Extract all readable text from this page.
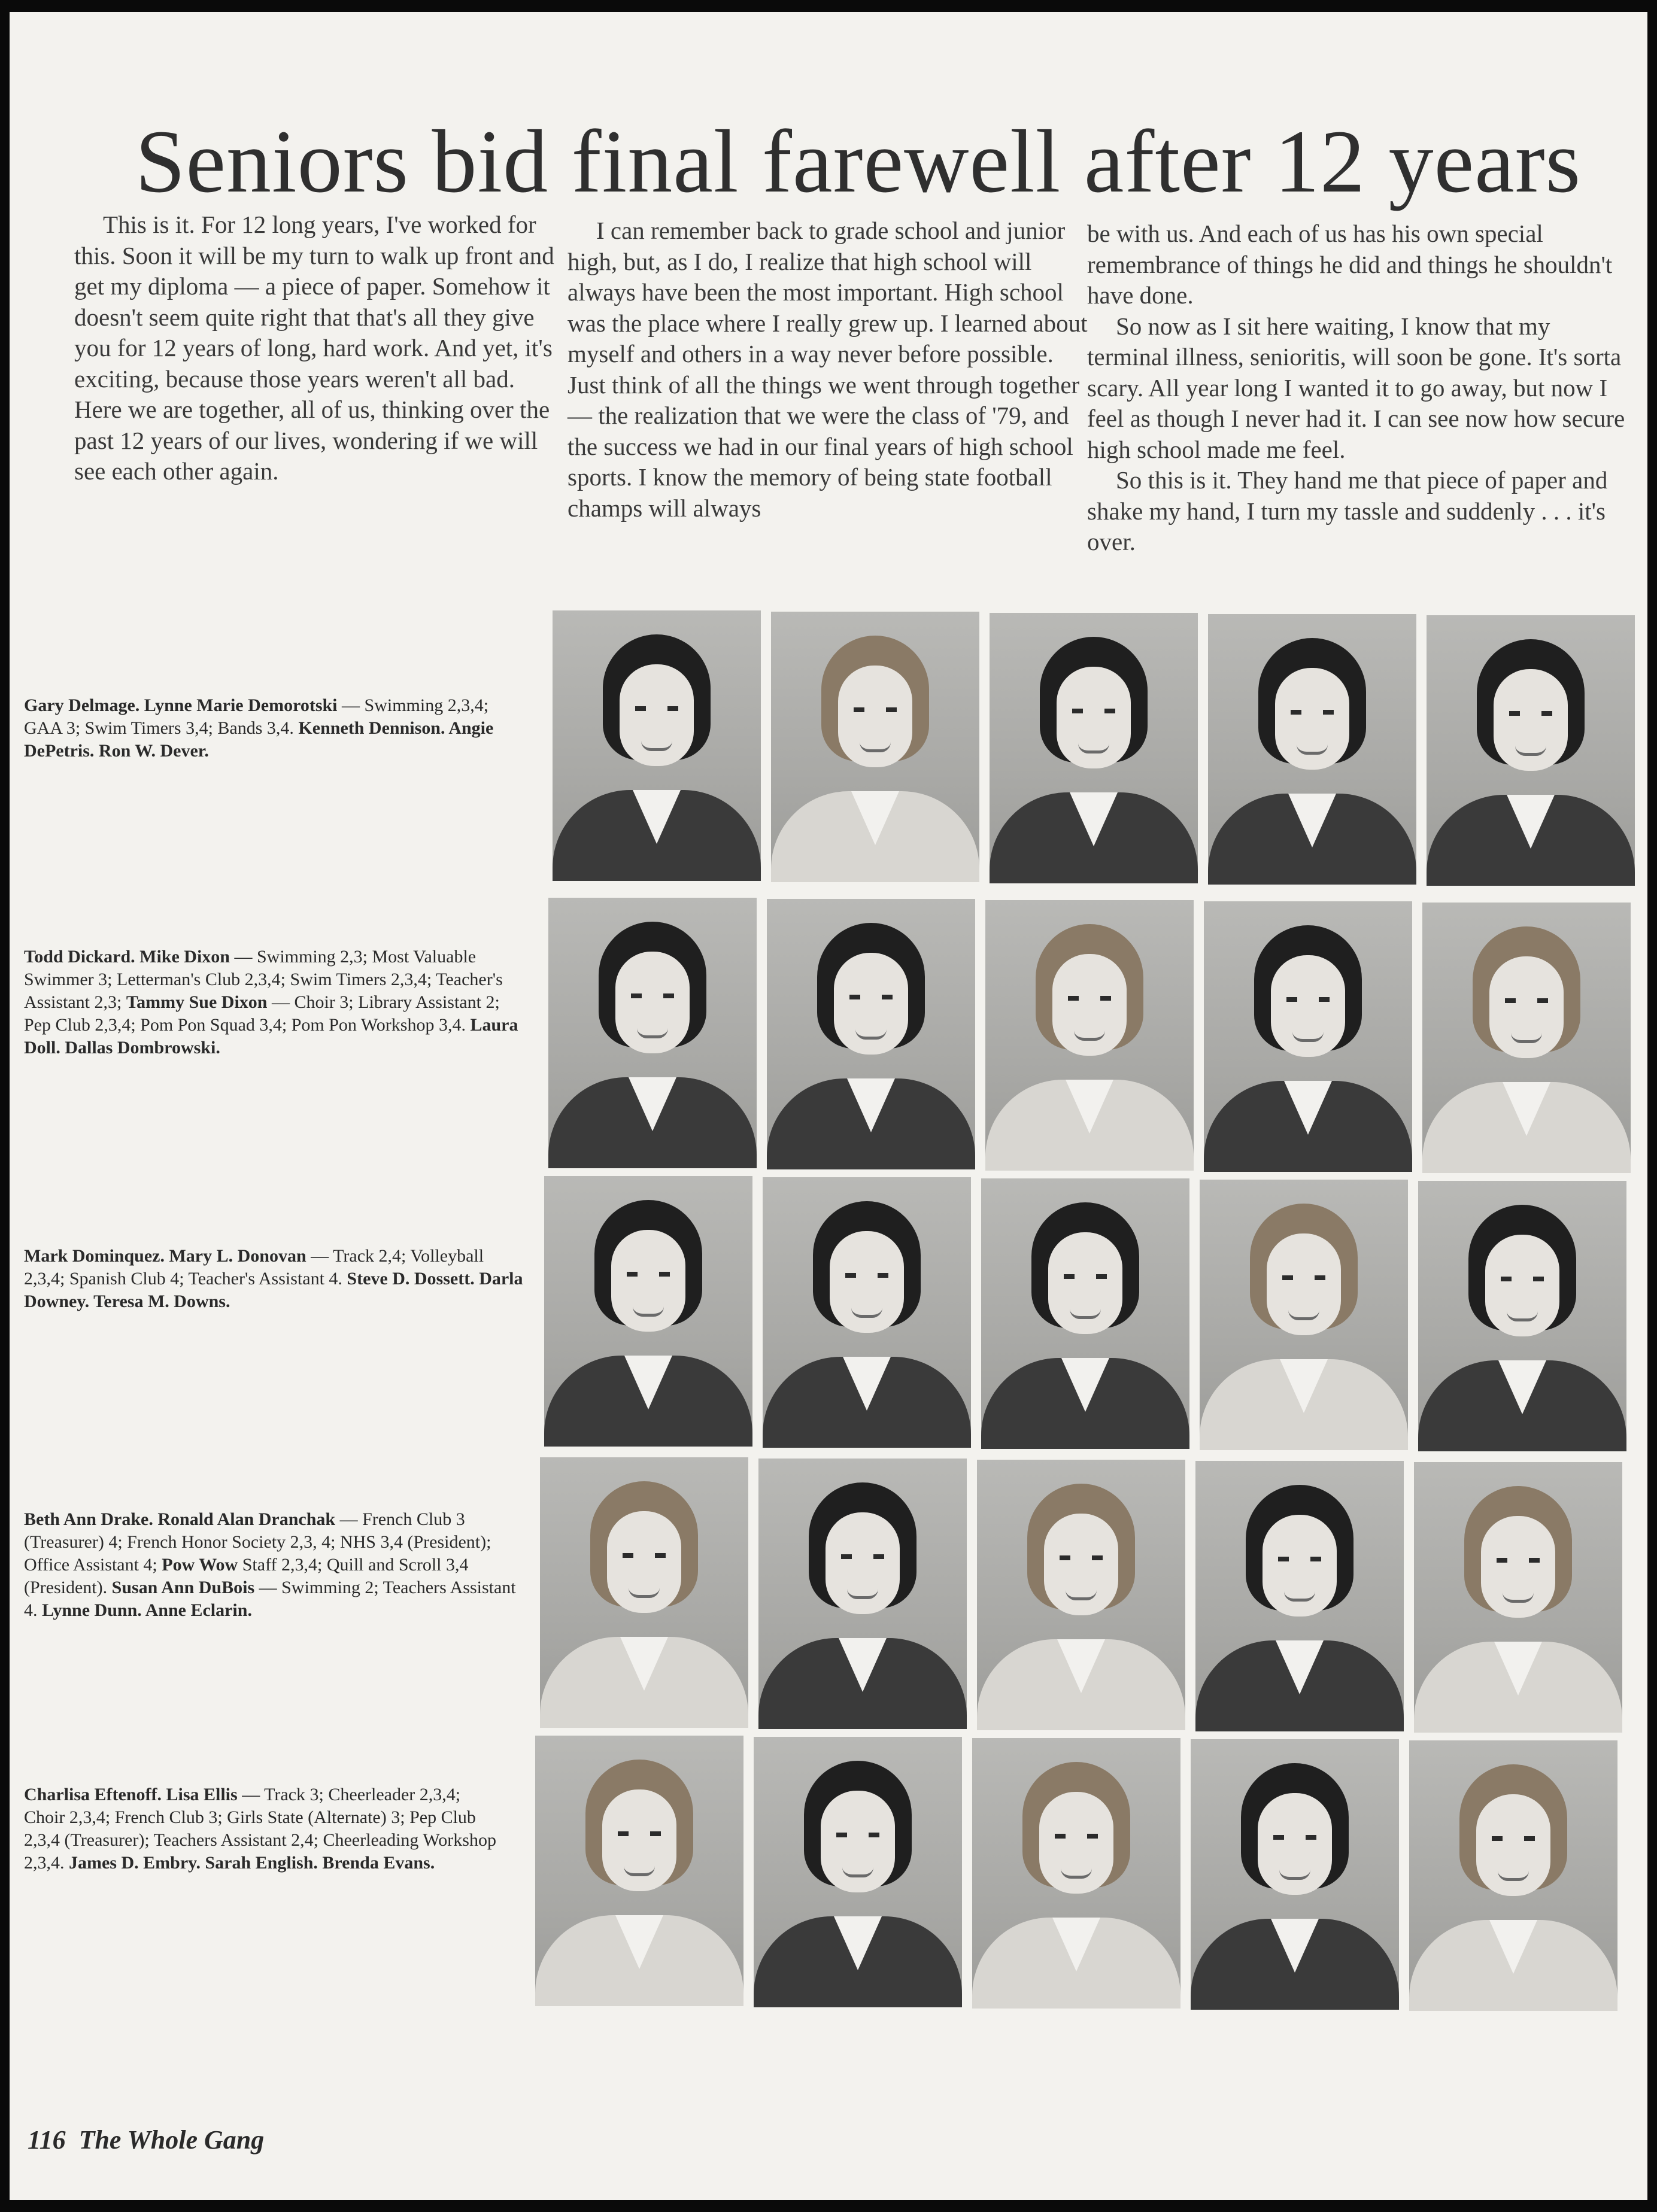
Seniors bid final farewell after 12 years

This is it. For 12 long years, I've worked for this. Soon it will be my turn to walk up front and get my diploma — a piece of paper. Somehow it doesn't seem quite right that that's all they give you for 12 years of long, hard work. And yet, it's exciting, because those years weren't all bad. Here we are together, all of us, thinking over the past 12 years of our lives, wondering if we will see each other again.

I can remember back to grade school and junior high, but, as I do, I realize that high school will always have been the most important. High school was the place where I really grew up. I learned about myself and others in a way never before possible. Just think of all the things we went through together — the realization that we were the class of '79, and the success we had in our final years of high school sports. I know the memory of being state football champs will always

be with us. And each of us has his own special remembrance of things he did and things he shouldn't have done.

So now as I sit here waiting, I know that my terminal illness, senioritis, will soon be gone. It's sorta scary. All year long I wanted it to go away, but now I feel as though I never had it. I can see now how secure high school made me feel.

So this is it. They hand me that piece of paper and shake my hand, I turn my tassle and suddenly . . . it's over.

Gary Delmage. Lynne Marie Demorotski — Swimming 2,3,4; GAA 3; Swim Timers 3,4; Bands 3,4. Kenneth Dennison. Angie DePetris. Ron W. Dever.
Todd Dickard. Mike Dixon — Swimming 2,3; Most Valuable Swimmer 3; Letterman's Club 2,3,4; Swim Timers 2,3,4; Teacher's Assistant 2,3; Tammy Sue Dixon — Choir 3; Library Assistant 2; Pep Club 2,3,4; Pom Pon Squad 3,4; Pom Pon Workshop 3,4. Laura Doll. Dallas Dombrowski.
Mark Dominquez. Mary L. Donovan — Track 2,4; Volleyball 2,3,4; Spanish Club 4; Teacher's Assistant 4. Steve D. Dossett. Darla Downey. Teresa M. Downs.
Beth Ann Drake. Ronald Alan Dranchak — French Club 3 (Treasurer) 4; French Honor Society 2,3, 4; NHS 3,4 (President); Office Assistant 4; Pow Wow Staff 2,3,4; Quill and Scroll 3,4 (President). Susan Ann DuBois — Swimming 2; Teachers Assistant 4. Lynne Dunn. Anne Eclarin.
Charlisa Eftenoff. Lisa Ellis — Track 3; Cheerleader 2,3,4; Choir 2,3,4; French Club 3; Girls State (Alternate) 3; Pep Club 2,3,4 (Treasurer); Teachers Assistant 2,4; Cheerleading Workshop 2,3,4. James D. Embry. Sarah English. Brenda Evans.
116  The Whole Gang
